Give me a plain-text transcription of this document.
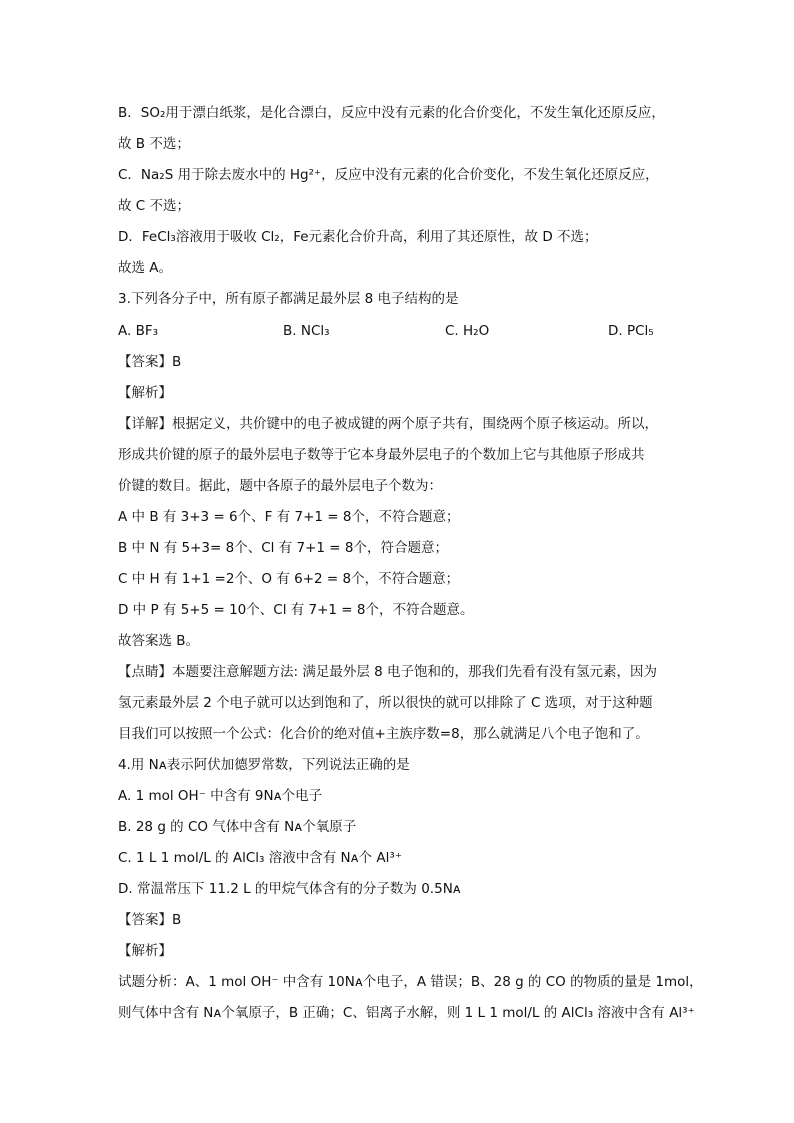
B．SO₂用于漂白纸浆，是化合漂白，反应中没有元素的化合价变化，不发生氧化还原反应，
故 B 不选；
C．Na₂S 用于除去废水中的 Hg²⁺，反应中没有元素的化合价变化，不发生氧化还原反应，
故 C 不选；
D．FeCl₃溶液用于吸收 Cl₂，Fe元素化合价升高，利用了其还原性，故 D 不选；
故选 A。
3.下列各分子中，所有原子都满足最外层 8 电子结构的是
A. BF₃	B. NCl₃	C. H₂O	D. PCl₅
【答案】B
【解析】
【详解】根据定义，共价键中的电子被成键的两个原子共有，围绕两个原子核运动。所以，
形成共价键的原子的最外层电子数等于它本身最外层电子的个数加上它与其他原子形成共
价键的数目。据此，题中各原子的最外层电子个数为：
A 中 B 有 3+3 = 6个、F 有 7+1 = 8个，不符合题意；
B 中 N 有 5+3= 8个、Cl 有 7+1 = 8个，符合题意；
C 中 H 有 1+1 =2个、O 有 6+2 = 8个，不符合题意；
D 中 P 有 5+5 = 10个、Cl 有 7+1 = 8个，不符合题意。
故答案选 B。
【点睛】本题要注意解题方法: 满足最外层 8 电子饱和的，那我们先看有没有氢元素，因为
氢元素最外层 2 个电子就可以达到饱和了，所以很快的就可以排除了 C 选项，对于这种题
目我们可以按照一个公式：化合价的绝对值+主族序数=8，那么就满足八个电子饱和了。
4.用 Nᴀ表示阿伏加德罗常数，下列说法正确的是
A. 1 mol OH⁻ 中含有 9Nᴀ个电子
B. 28 g 的 CO 气体中含有 Nᴀ个氧原子
C. 1 L 1 mol/L 的 AlCl₃ 溶液中含有 Nᴀ个 Al³⁺
D. 常温常压下 11.2 L 的甲烷气体含有的分子数为 0.5Nᴀ
【答案】B
【解析】
试题分析：A、1 mol OH⁻ 中含有 10Nᴀ个电子，A 错误；B、28 g 的 CO 的物质的量是 1mol，
则气体中含有 Nᴀ个氧原子，B 正确；C、铝离子水解，则 1 L 1 mol/L 的 AlCl₃ 溶液中含有 Al³⁺
